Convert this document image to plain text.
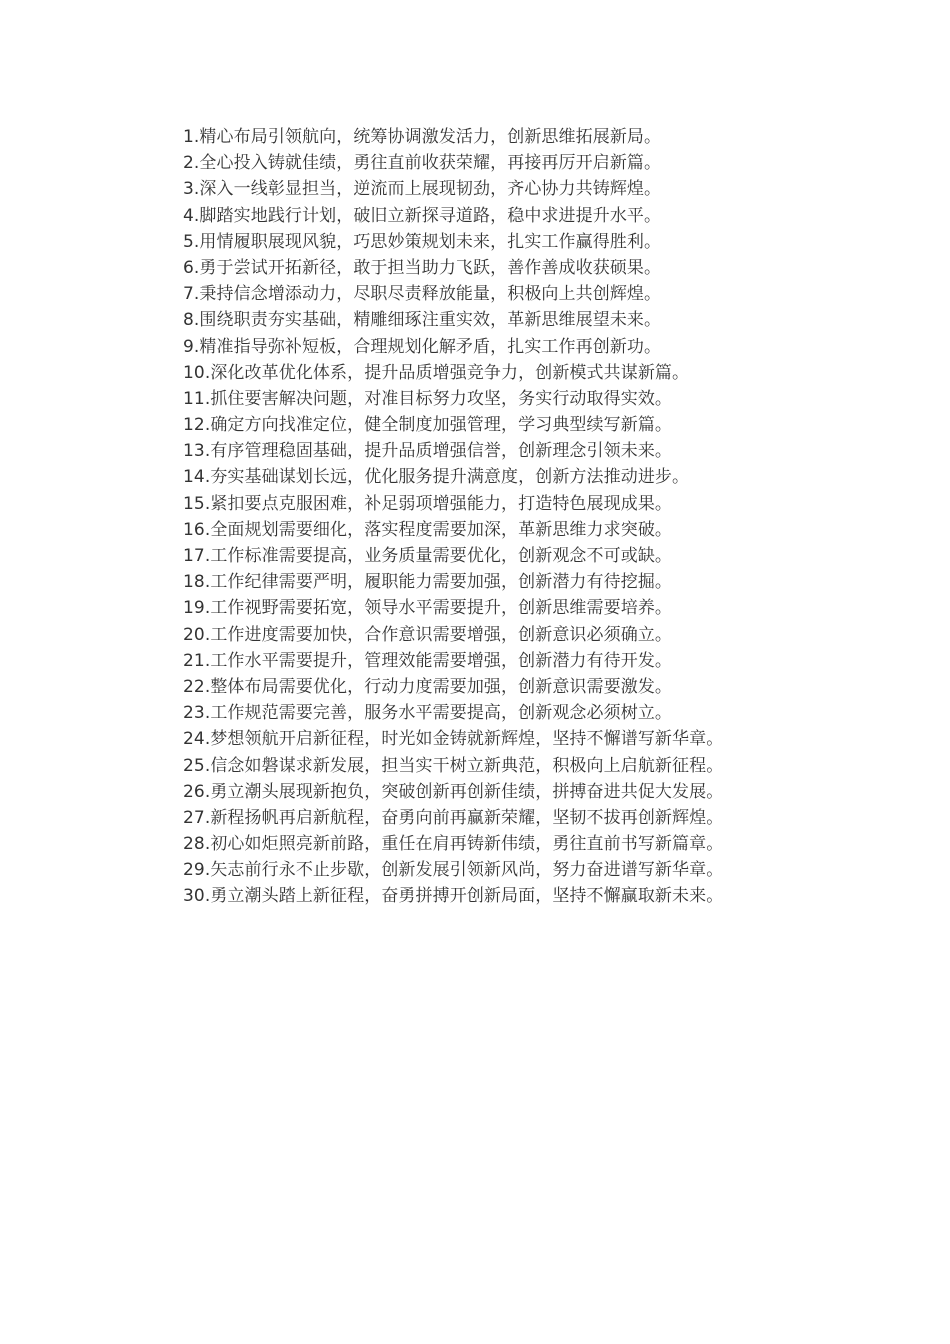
1.精心布局引领航向，统筹协调激发活力，创新思维拓展新局。
2.全心投入铸就佳绩，勇往直前收获荣耀，再接再厉开启新篇。
3.深入一线彰显担当，逆流而上展现韧劲，齐心协力共铸辉煌。
4.脚踏实地践行计划，破旧立新探寻道路，稳中求进提升水平。
5.用情履职展现风貌，巧思妙策规划未来，扎实工作赢得胜利。
6.勇于尝试开拓新径，敢于担当助力飞跃，善作善成收获硕果。
7.秉持信念增添动力，尽职尽责释放能量，积极向上共创辉煌。
8.围绕职责夯实基础，精雕细琢注重实效，革新思维展望未来。
9.精准指导弥补短板，合理规划化解矛盾，扎实工作再创新功。
10.深化改革优化体系，提升品质增强竞争力，创新模式共谋新篇。
11.抓住要害解决问题，对准目标努力攻坚，务实行动取得实效。
12.确定方向找准定位，健全制度加强管理，学习典型续写新篇。
13.有序管理稳固基础，提升品质增强信誉，创新理念引领未来。
14.夯实基础谋划长远，优化服务提升满意度，创新方法推动进步。
15.紧扣要点克服困难，补足弱项增强能力，打造特色展现成果。
16.全面规划需要细化，落实程度需要加深，革新思维力求突破。
17.工作标准需要提高，业务质量需要优化，创新观念不可或缺。
18.工作纪律需要严明，履职能力需要加强，创新潜力有待挖掘。
19.工作视野需要拓宽，领导水平需要提升，创新思维需要培养。
20.工作进度需要加快，合作意识需要增强，创新意识必须确立。
21.工作水平需要提升，管理效能需要增强，创新潜力有待开发。
22.整体布局需要优化，行动力度需要加强，创新意识需要激发。
23.工作规范需要完善，服务水平需要提高，创新观念必须树立。
24.梦想领航开启新征程，时光如金铸就新辉煌，坚持不懈谱写新华章。
25.信念如磐谋求新发展，担当实干树立新典范，积极向上启航新征程。
26.勇立潮头展现新抱负，突破创新再创新佳绩，拼搏奋进共促大发展。
27.新程扬帆再启新航程，奋勇向前再赢新荣耀，坚韧不拔再创新辉煌。
28.初心如炬照亮新前路，重任在肩再铸新伟绩，勇往直前书写新篇章。
29.矢志前行永不止步歇，创新发展引领新风尚，努力奋进谱写新华章。
30.勇立潮头踏上新征程，奋勇拼搏开创新局面，坚持不懈赢取新未来。
